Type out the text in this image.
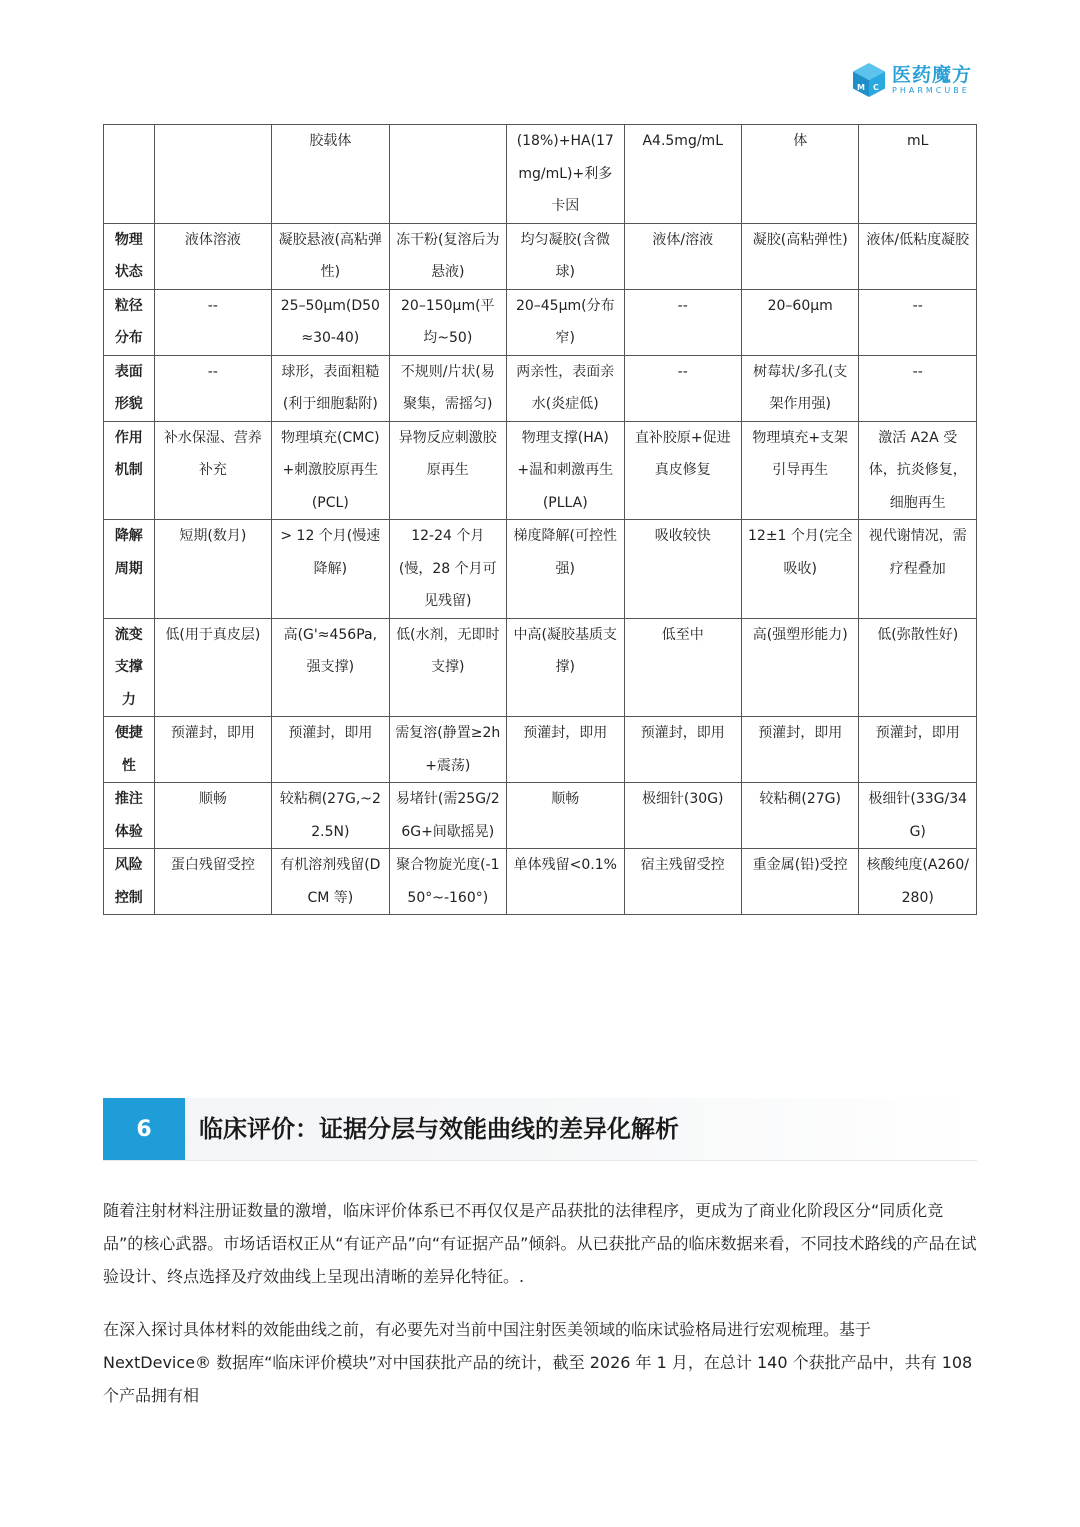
M C
医药魔方
PHARMCUBE
		胶载体		(18%)+HA(17mg/mL)+利多卡因	A4.5mg/mL	体	mL
物理状态	液体溶液	凝胶悬液(高粘弹性)	冻干粉(复溶后为悬液)	均匀凝胶(含微球)	液体/溶液	凝胶(高粘弹性)	液体/低粘度凝胶
粒径分布	--	25–50μm(D50≈30-40)	20–150μm(平均~50)	20–45μm(分布窄)	--	20–60μm	--
表面形貌	--	球形，表面粗糙(利于细胞黏附)	不规则/片状(易聚集，需摇匀)	两亲性，表面亲水(炎症低)	--	树莓状/多孔(支架作用强)	--
作用机制	补水保湿、营养补充	物理填充(CMC)+刺激胶原再生(PCL)	异物反应刺激胶原再生	物理支撑(HA)+温和刺激再生(PLLA)	直补胶原+促进真皮修复	物理填充+支架引导再生	激活 A2A 受体，抗炎修复，细胞再生
降解周期	短期(数月)	> 12 个月(慢速降解)	12-24 个月(慢，28 个月可见残留)	梯度降解(可控性强)	吸收较快	12±1 个月(完全吸收)	视代谢情况，需疗程叠加
流变支撑力	低(用于真皮层)	高(G'≈456Pa,强支撑)	低(水剂，无即时支撑)	中高(凝胶基质支撑)	低至中	高(强塑形能力)	低(弥散性好)
便捷性	预灌封，即用	预灌封，即用	需复溶(静置≥2h+震荡)	预灌封，即用	预灌封，即用	预灌封，即用	预灌封，即用
推注体验	顺畅	较粘稠(27G,~22.5N)	易堵针(需25G/26G+间歇摇晃)	顺畅	极细针(30G)	较粘稠(27G)	极细针(33G/34G)
风险控制	蛋白残留受控	有机溶剂残留(DCM 等)	聚合物旋光度(-150°~-160°)	单体残留<0.1%	宿主残留受控	重金属(铅)受控	核酸纯度(A260/280)
6	临床评价：证据分层与效能曲线的差异化解析

随着注射材料注册证数量的激增，临床评价体系已不再仅仅是产品获批的法律程序，更成为了商业化阶段区分“同质化竞品”的核心武器。市场话语权正从“有证产品”向“有证据产品”倾斜。从已获批产品的临床数据来看，不同技术路线的产品在试验设计、终点选择及疗效曲线上呈现出清晰的差异化特征。.

在深入探讨具体材料的效能曲线之前，有必要先对当前中国注射医美领域的临床试验格局进行宏观梳理。基于 NextDevice® 数据库“临床评价模块”对中国获批产品的统计，截至 2026 年 1 月，在总计 140 个获批产品中，共有 108 个产品拥有相
